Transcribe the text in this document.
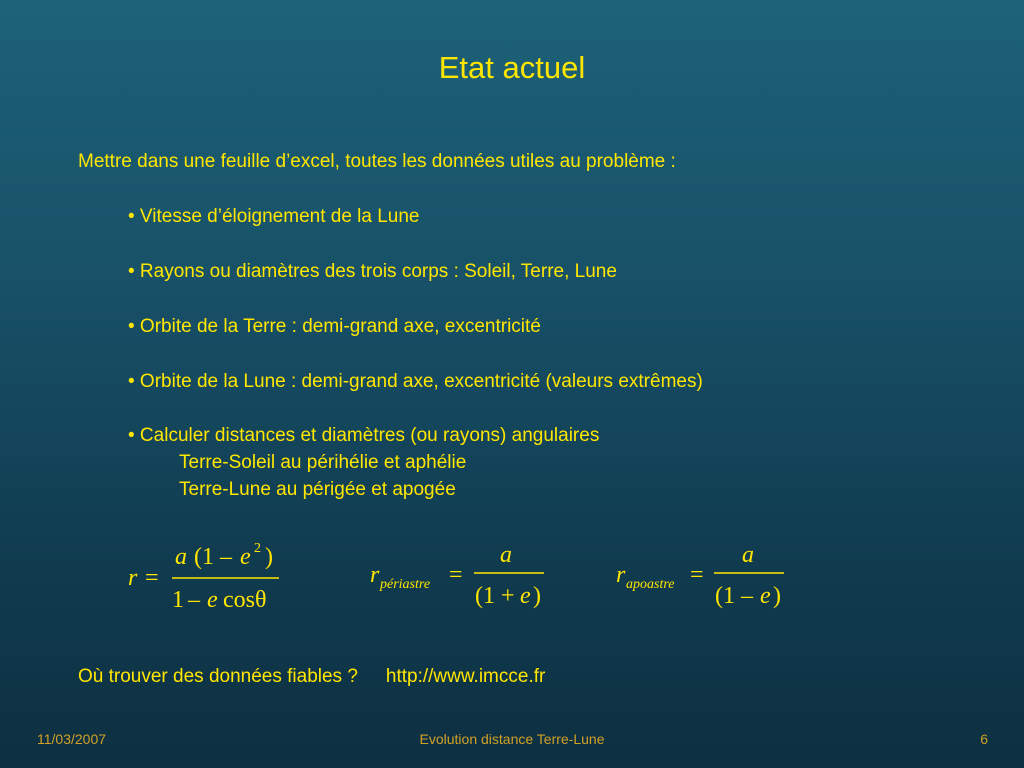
Etat actuel
Mettre dans une feuille d’excel, toutes les données utiles au problème :
• Vitesse d’éloignement de la Lune
• Rayons ou diamètres des trois corps : Soleil, Terre, Lune
• Orbite de la Terre : demi-grand axe, excentricité
• Orbite de la Lune : demi-grand axe, excentricité (valeurs extrêmes)
• Calculer distances et diamètres (ou rayons) angulaires
Terre-Soleil au périhélie et aphélie
Terre-Lune au périgée et apogée
r =
a (1 – e 2 )
1 – e cosθ
r périastre =
a
(1 + e )
r apoastre =
a
(1 – e )
Où trouver des données fiables ? http://www.imcce.fr
11/03/2007	Evolution distance Terre-Lune	6
